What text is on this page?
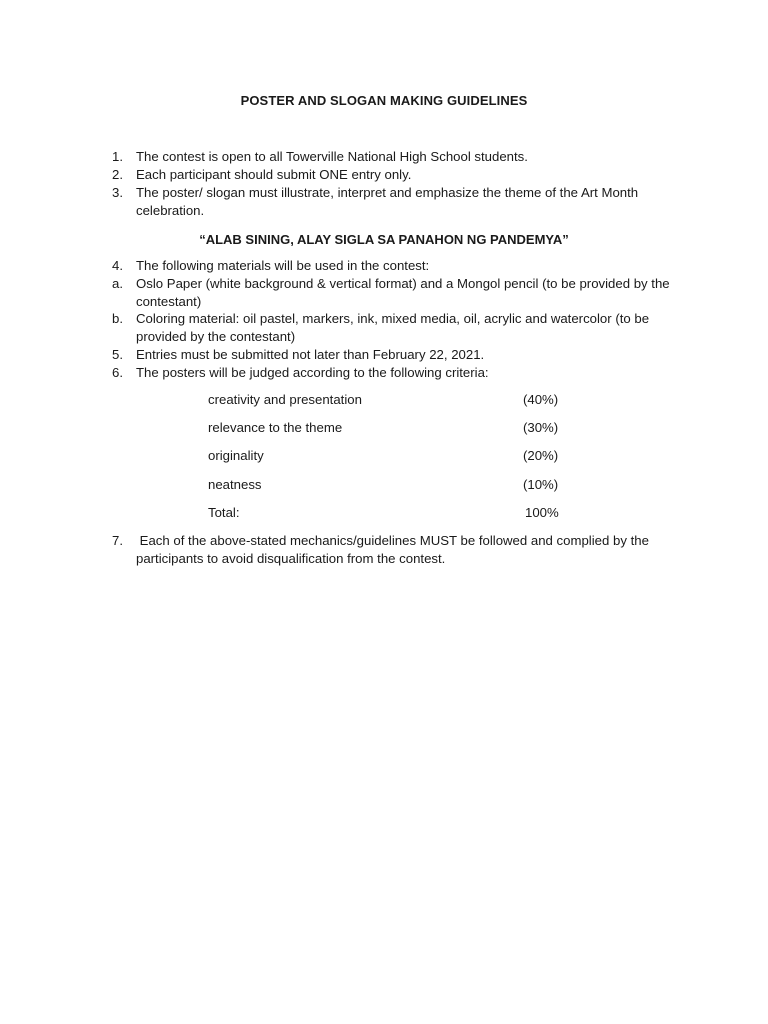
POSTER AND SLOGAN MAKING GUIDELINES
1. The contest is open to all Towerville National High School students.
2. Each participant should submit ONE entry only.
3. The poster/ slogan must illustrate, interpret and emphasize the theme of the Art Month celebration.
“ALAB SINING, ALAY SIGLA SA PANAHON NG PANDEMYA”
4. The following materials will be used in the contest:
a. Oslo Paper (white background & vertical format) and a Mongol pencil (to be provided by the contestant)
b. Coloring material: oil pastel, markers, ink, mixed media, oil, acrylic and watercolor (to be provided by the contestant)
5. Entries must be submitted not later than February 22, 2021.
6. The posters will be judged according to the following criteria:
creativity and presentation	(40%)
relevance to the theme	(30%)
originality	(20%)
neatness	(10%)
Total:	100%
7. Each of the above-stated mechanics/guidelines MUST be followed and complied by the participants to avoid disqualification from the contest.
